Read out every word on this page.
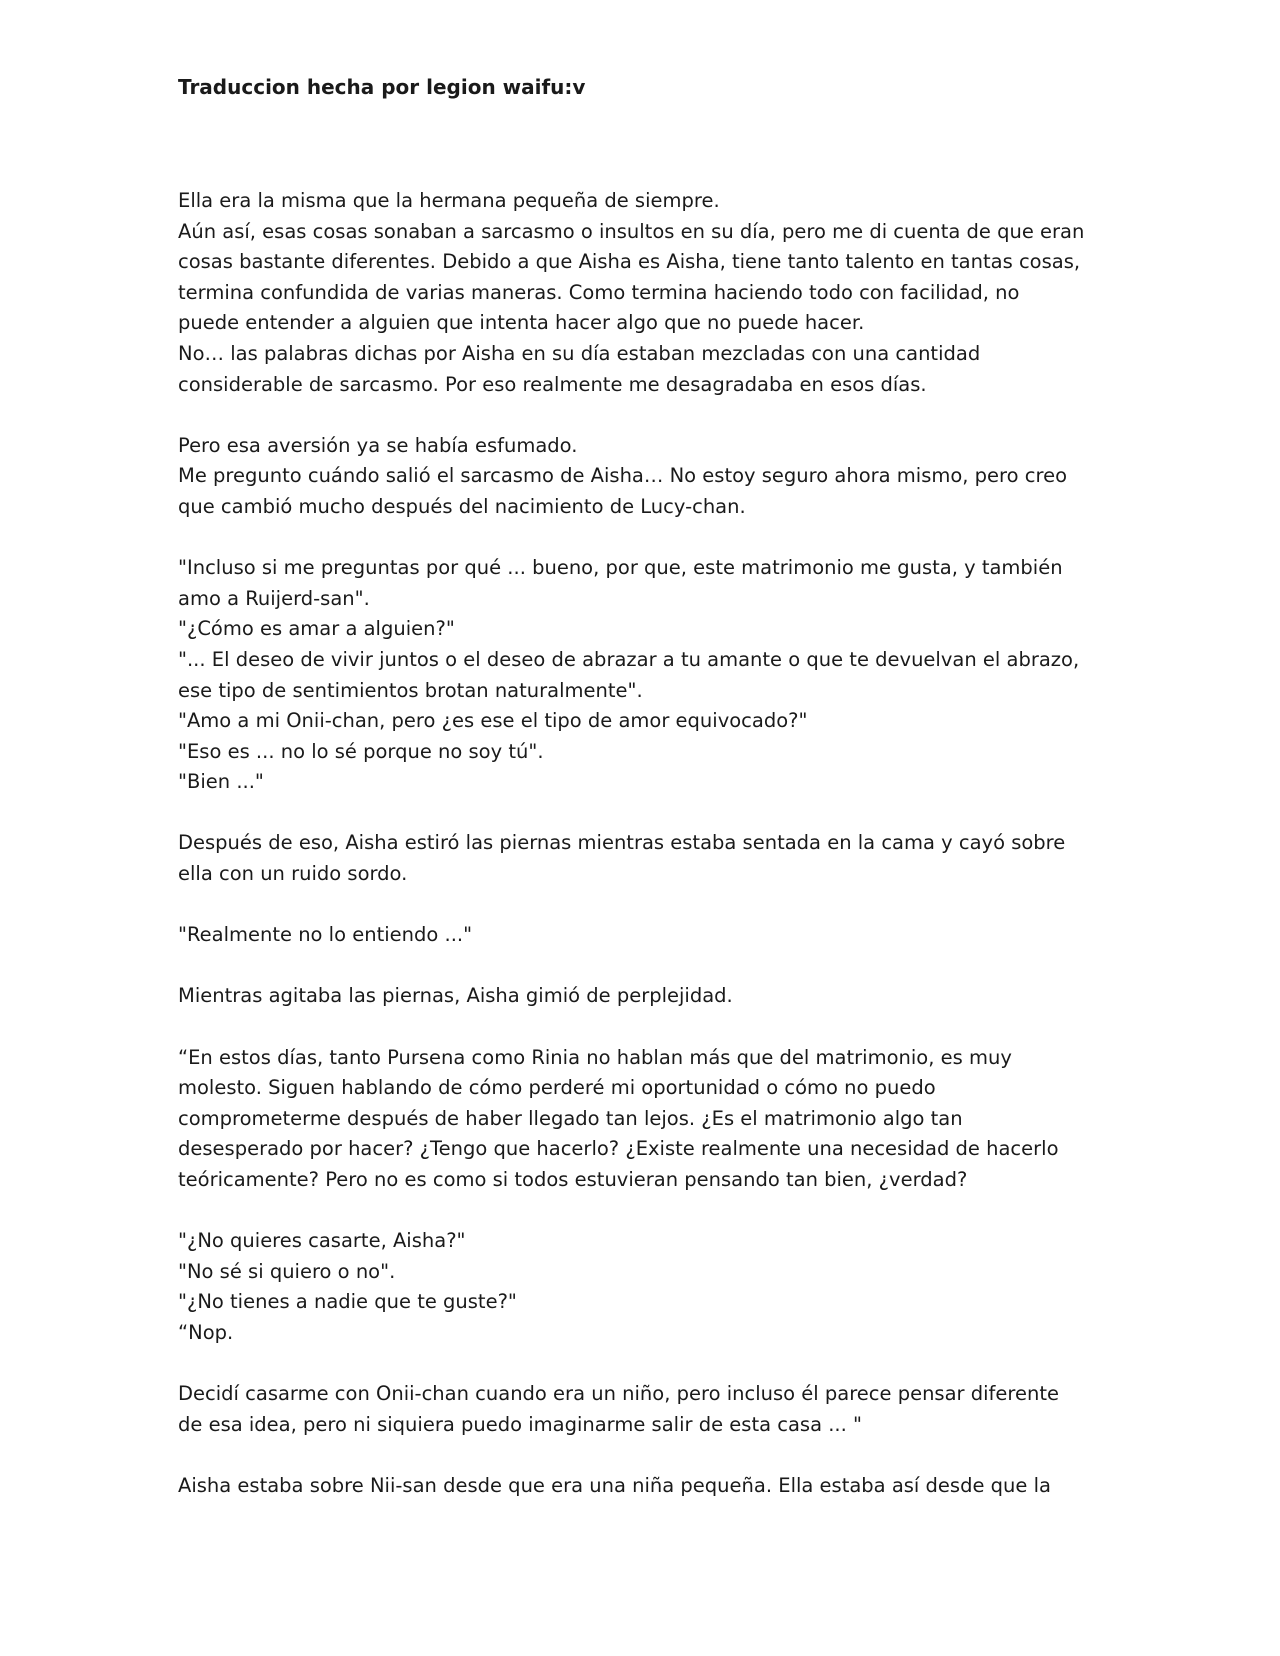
Traduccion hecha por legion waifu:v
Ella era la misma que la hermana pequeña de siempre.
Aún así, esas cosas sonaban a sarcasmo o insultos en su día, pero me di cuenta de que eran
cosas bastante diferentes. Debido a que Aisha es Aisha, tiene tanto talento en tantas cosas,
termina confundida de varias maneras. Como termina haciendo todo con facilidad, no
puede entender a alguien que intenta hacer algo que no puede hacer.
No… las palabras dichas por Aisha en su día estaban mezcladas con una cantidad
considerable de sarcasmo. Por eso realmente me desagradaba en esos días.
Pero esa aversión ya se había esfumado.
Me pregunto cuándo salió el sarcasmo de Aisha… No estoy seguro ahora mismo, pero creo
que cambió mucho después del nacimiento de Lucy-chan.
"Incluso si me preguntas por qué ... bueno, por que, este matrimonio me gusta, y también
amo a Ruijerd-san".
"¿Cómo es amar a alguien?"
"... El deseo de vivir juntos o el deseo de abrazar a tu amante o que te devuelvan el abrazo,
ese tipo de sentimientos brotan naturalmente".
"Amo a mi Onii-chan, pero ¿es ese el tipo de amor equivocado?"
"Eso es ... no lo sé porque no soy tú".
"Bien ..."
Después de eso, Aisha estiró las piernas mientras estaba sentada en la cama y cayó sobre
ella con un ruido sordo.
"Realmente no lo entiendo ..."
Mientras agitaba las piernas, Aisha gimió de perplejidad.
“En estos días, tanto Pursena como Rinia no hablan más que del matrimonio, es muy
molesto. Siguen hablando de cómo perderé mi oportunidad o cómo no puedo
comprometerme después de haber llegado tan lejos. ¿Es el matrimonio algo tan
desesperado por hacer? ¿Tengo que hacerlo? ¿Existe realmente una necesidad de hacerlo
teóricamente? Pero no es como si todos estuvieran pensando tan bien, ¿verdad?
"¿No quieres casarte, Aisha?"
"No sé si quiero o no".
"¿No tienes a nadie que te guste?"
“Nop.
Decidí casarme con Onii-chan cuando era un niño, pero incluso él parece pensar diferente
de esa idea, pero ni siquiera puedo imaginarme salir de esta casa ... "
Aisha estaba sobre Nii-san desde que era una niña pequeña. Ella estaba así desde que la
